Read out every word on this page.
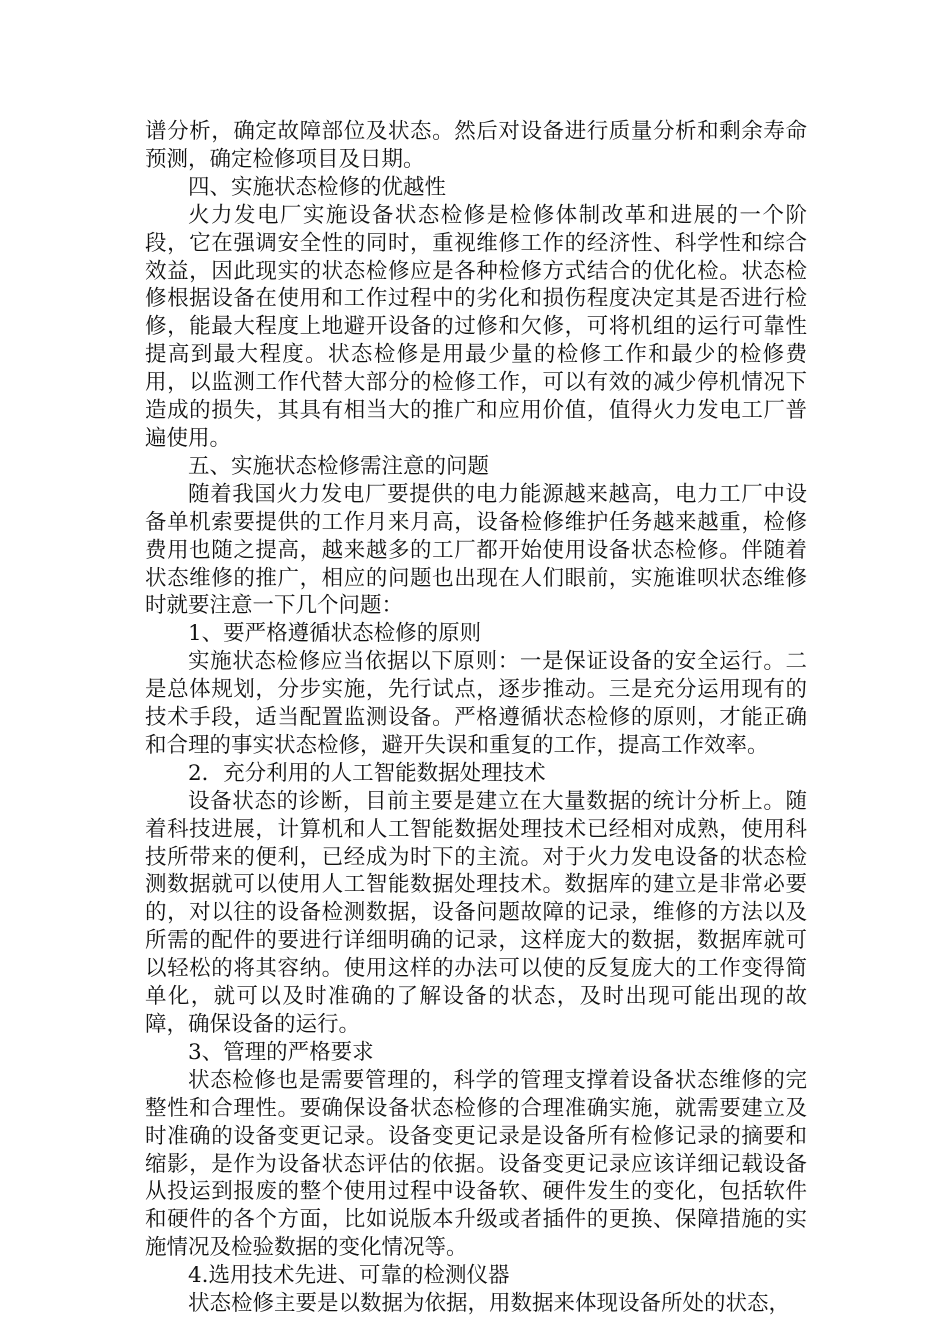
谱分析，确定故障部位及状态。然后对设备进行质量分析和剩余寿命预测，确定检修项目及日期。

四、实施状态检修的优越性

火力发电厂实施设备状态检修是检修体制改革和进展的一个阶段，它在强调安全性的同时，重视维修工作的经济性、科学性和综合效益，因此现实的状态检修应是各种检修方式结合的优化检。状态检修根据设备在使用和工作过程中的劣化和损伤程度决定其是否进行检修，能最大程度上地避开设备的过修和欠修，可将机组的运行可靠性提高到最大程度。状态检修是用最少量的检修工作和最少的检修费用，以监测工作代替大部分的检修工作，可以有效的减少停机情况下造成的损失，其具有相当大的推广和应用价值，值得火力发电工厂普遍使用。

五、实施状态检修需注意的问题

随着我国火力发电厂要提供的电力能源越来越高，电力工厂中设备单机索要提供的工作月来月高，设备检修维护任务越来越重，检修费用也随之提高，越来越多的工厂都开始使用设备状态检修。伴随着状态维修的推广，相应的问题也出现在人们眼前，实施谁呗状态维修时就要注意一下几个问题：

1、要严格遵循状态检修的原则

实施状态检修应当依据以下原则：一是保证设备的安全运行。二是总体规划，分步实施，先行试点，逐步推动。三是充分运用现有的技术手段，适当配置监测设备。严格遵循状态检修的原则，才能正确和合理的事实状态检修，避开失误和重复的工作，提高工作效率。

2．充分利用的人工智能数据处理技术

设备状态的诊断，目前主要是建立在大量数据的统计分析上。随着科技进展，计算机和人工智能数据处理技术已经相对成熟，使用科技所带来的便利，已经成为时下的主流。对于火力发电设备的状态检测数据就可以使用人工智能数据处理技术。数据库的建立是非常必要的，对以往的设备检测数据，设备问题故障的记录，维修的方法以及所需的配件的要进行详细明确的记录，这样庞大的数据，数据库就可以轻松的将其容纳。使用这样的办法可以使的反复庞大的工作变得简单化，就可以及时准确的了解设备的状态，及时出现可能出现的故障，确保设备的运行。

3、管理的严格要求

状态检修也是需要管理的，科学的管理支撑着设备状态维修的完整性和合理性。要确保设备状态检修的合理准确实施，就需要建立及时准确的设备变更记录。设备变更记录是设备所有检修记录的摘要和缩影，是作为设备状态评估的依据。设备变更记录应该详细记载设备从投运到报废的整个使用过程中设备软、硬件发生的变化，包括软件和硬件的各个方面，比如说版本升级或者插件的更换、保障措施的实施情况及检验数据的变化情况等。

4.选用技术先进、可靠的检测仪器

状态检修主要是以数据为依据，用数据来体现设备所处的状态，
